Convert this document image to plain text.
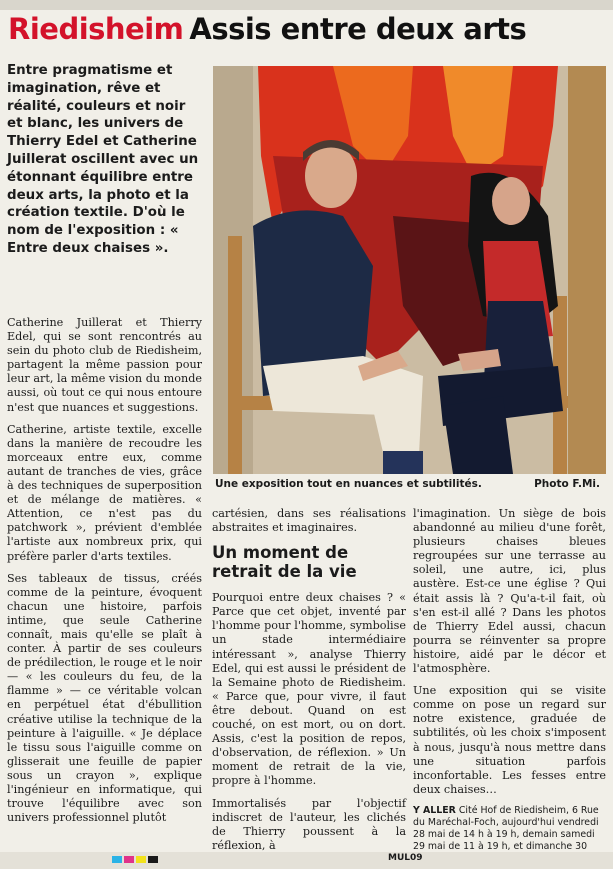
Riedisheim Assis entre deux arts
Entre pragmatisme et imagination, rêve et réalité, couleurs et noir et blanc, les univers de Thierry Edel et Catherine Juillerat oscillent avec un étonnant équilibre entre deux arts, la photo et la création textile. D'où le nom de l'exposition : « Entre deux chaises ».
Une exposition tout en nuances et subtilités.	Photo F.Mi.

Catherine Juillerat et Thierry Edel, qui se sont rencontrés au sein du photo club de Riedisheim, partagent la même passion pour leur art, la même vision du monde aussi, où tout ce qui nous entoure n'est que nuances et suggestions.

Catherine, artiste textile, excelle dans la manière de recoudre les morceaux entre eux, comme autant de tranches de vies, grâce à des techniques de superposition et de mélange de matières. « Attention, ce n'est pas du patchwork », prévient d'emblée l'artiste aux nombreux prix, qui préfère parler d'arts textiles.

Ses tableaux de tissus, créés comme de la peinture, évoquent chacun une histoire, parfois intime, que seule Catherine connaît, mais qu'elle se plaît à conter. À partir de ses couleurs de prédilection, le rouge et le noir — « les couleurs du feu, de la flamme » — ce véritable volcan en perpétuel état d'ébullition créative utilise la technique de la peinture à l'aiguille. « Je déplace le tissu sous l'aiguille comme on glisserait une feuille de papier sous un crayon », explique l'ingénieur en informatique, qui trouve l'équilibre avec son univers professionnel plutôt

cartésien, dans ses réalisations abstraites et imaginaires.

Un moment de retrait de la vie

Pourquoi entre deux chaises ? « Parce que cet objet, inventé par l'homme pour l'homme, symbolise un stade intermédiaire intéressant », analyse Thierry Edel, qui est aussi le président de la Semaine photo de Riedisheim. « Parce que, pour vivre, il faut être debout. Quand on est couché, on est mort, ou on dort. Assis, c'est la position de repos, d'observation, de réflexion. » Un moment de retrait de la vie, propre à l'homme.

Immortalisés par l'objectif indiscret de l'auteur, les clichés de Thierry poussent à la réflexion, à

l'imagination. Un siège de bois abandonné au milieu d'une forêt, plusieurs chaises bleues regroupées sur une terrasse au soleil, une autre, ici, plus austère. Est-ce une église ? Qui était assis là ? Qu'a-t-il fait, où s'en est-il allé ? Dans les photos de Thierry Edel aussi, chacun pourra se réinventer sa propre histoire, aidé par le décor et l'atmosphère.

Une exposition qui se visite comme on pose un regard sur notre existence, graduée de subtilités, où les choix s'imposent à nous, jusqu'à nous mettre dans une situation parfois inconfortable. Les fesses entre deux chaises…

Y ALLER Cité Hof de Riedisheim, 6 Rue du Maréchal-Foch, aujourd'hui vendredi 28 mai de 14 h à 19 h, demain samedi 29 mai de 11 à 19 h, et dimanche 30
MUL09
